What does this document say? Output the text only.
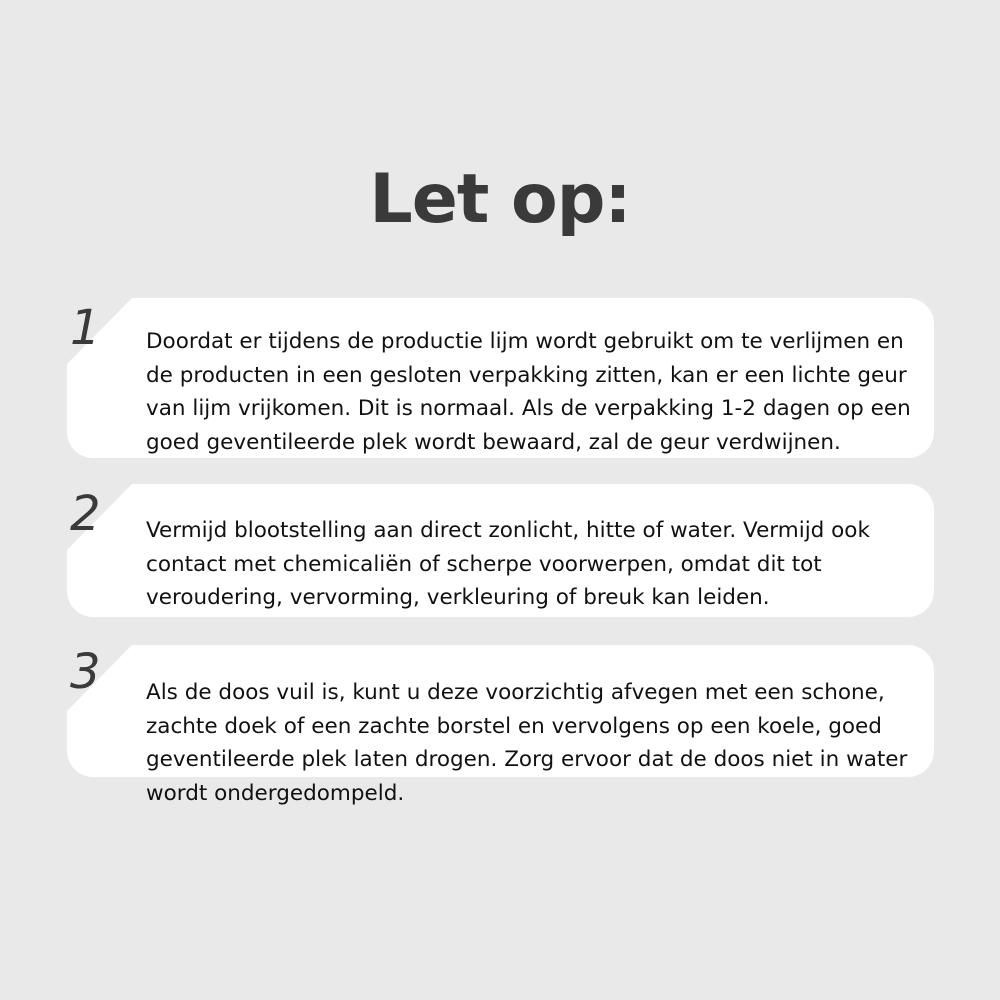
Let op:
1 Doordat er tijdens de productie lijm wordt gebruikt om te verlijmen en de producten in een gesloten verpakking zitten, kan er een lichte geur van lijm vrijkomen. Dit is normaal. Als de verpakking 1-2 dagen op een goed geventileerde plek wordt bewaard, zal de geur verdwijnen.

2 Vermijd blootstelling aan direct zonlicht, hitte of water. Vermijd ook contact met chemicaliën of scherpe voorwerpen, omdat dit tot veroudering, vervorming, verkleuring of breuk kan leiden.

3 Als de doos vuil is, kunt u deze voorzichtig afvegen met een schone, zachte doek of een zachte borstel en vervolgens op een koele, goed geventileerde plek laten drogen. Zorg ervoor dat de doos niet in water wordt ondergedompeld.
